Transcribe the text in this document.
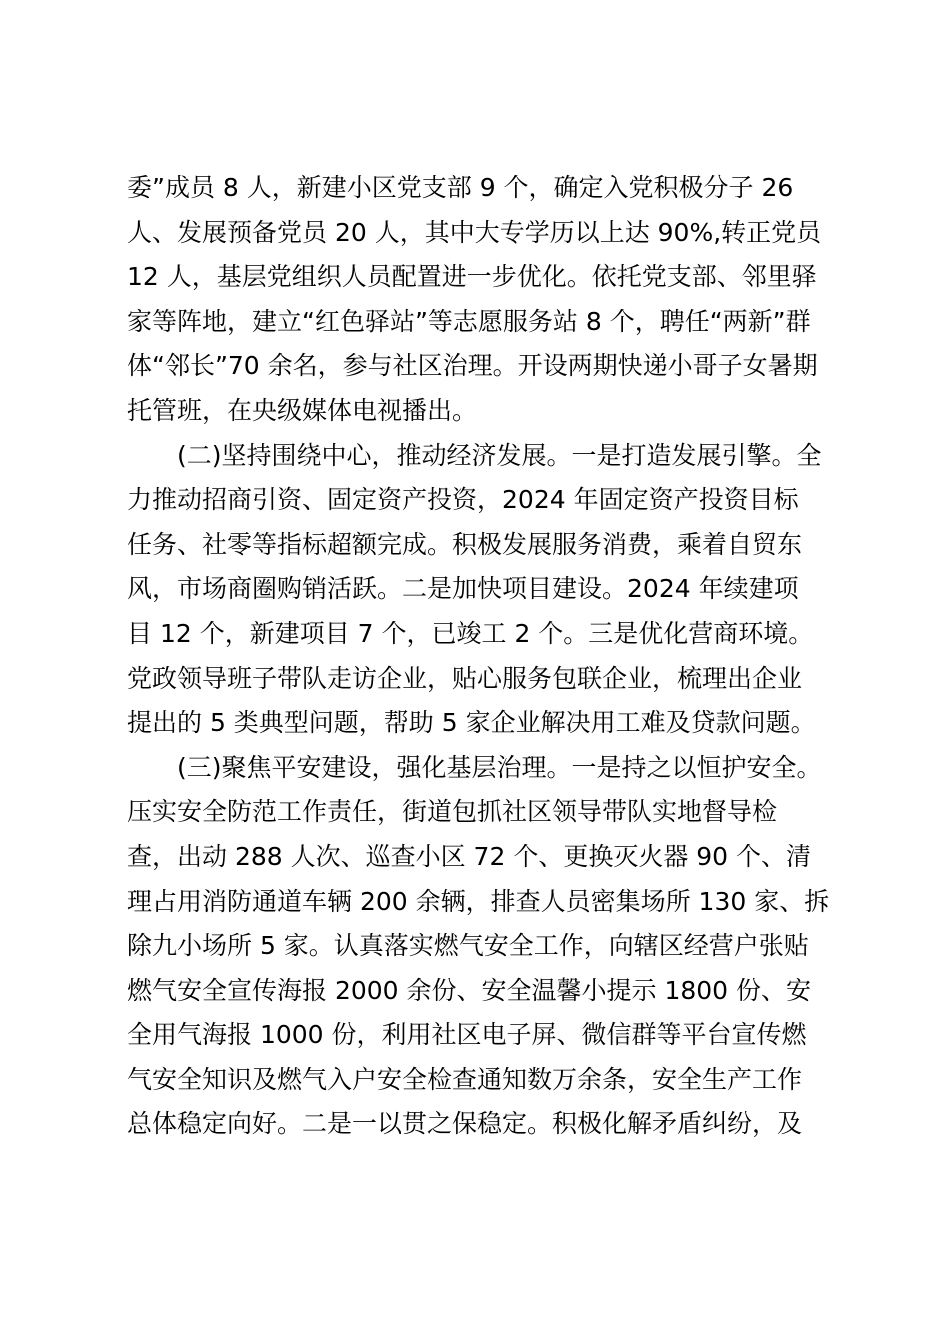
委”成员 8 人，新建小区党支部 9 个，确定入党积极分子 26
人、发展预备党员 20 人，其中大专学历以上达 90%,转正党员
12 人，基层党组织人员配置进一步优化。依托党支部、邻里驿
家等阵地，建立“红色驿站”等志愿服务站 8 个，聘任“两新”群
体“邻长”70 余名，参与社区治理。开设两期快递小哥子女暑期
托管班，在央级媒体电视播出。
(二)坚持围绕中心，推动经济发展。一是打造发展引擎。全
力推动招商引资、固定资产投资，2024 年固定资产投资目标
任务、社零等指标超额完成。积极发展服务消费，乘着自贸东
风，市场商圈购销活跃。二是加快项目建设。2024 年续建项
目 12 个，新建项目 7 个，已竣工 2 个。三是优化营商环境。
党政领导班子带队走访企业，贴心服务包联企业，梳理出企业
提出的 5 类典型问题，帮助 5 家企业解决用工难及贷款问题。
(三)聚焦平安建设，强化基层治理。一是持之以恒护安全。
压实安全防范工作责任，街道包抓社区领导带队实地督导检
查，出动 288 人次、巡查小区 72 个、更换灭火器 90 个、清
理占用消防通道车辆 200 余辆，排查人员密集场所 130 家、拆
除九小场所 5 家。认真落实燃气安全工作，向辖区经营户张贴
燃气安全宣传海报 2000 余份、安全温馨小提示 1800 份、安
全用气海报 1000 份，利用社区电子屏、微信群等平台宣传燃
气安全知识及燃气入户安全检查通知数万余条，安全生产工作
总体稳定向好。二是一以贯之保稳定。积极化解矛盾纠纷，及
